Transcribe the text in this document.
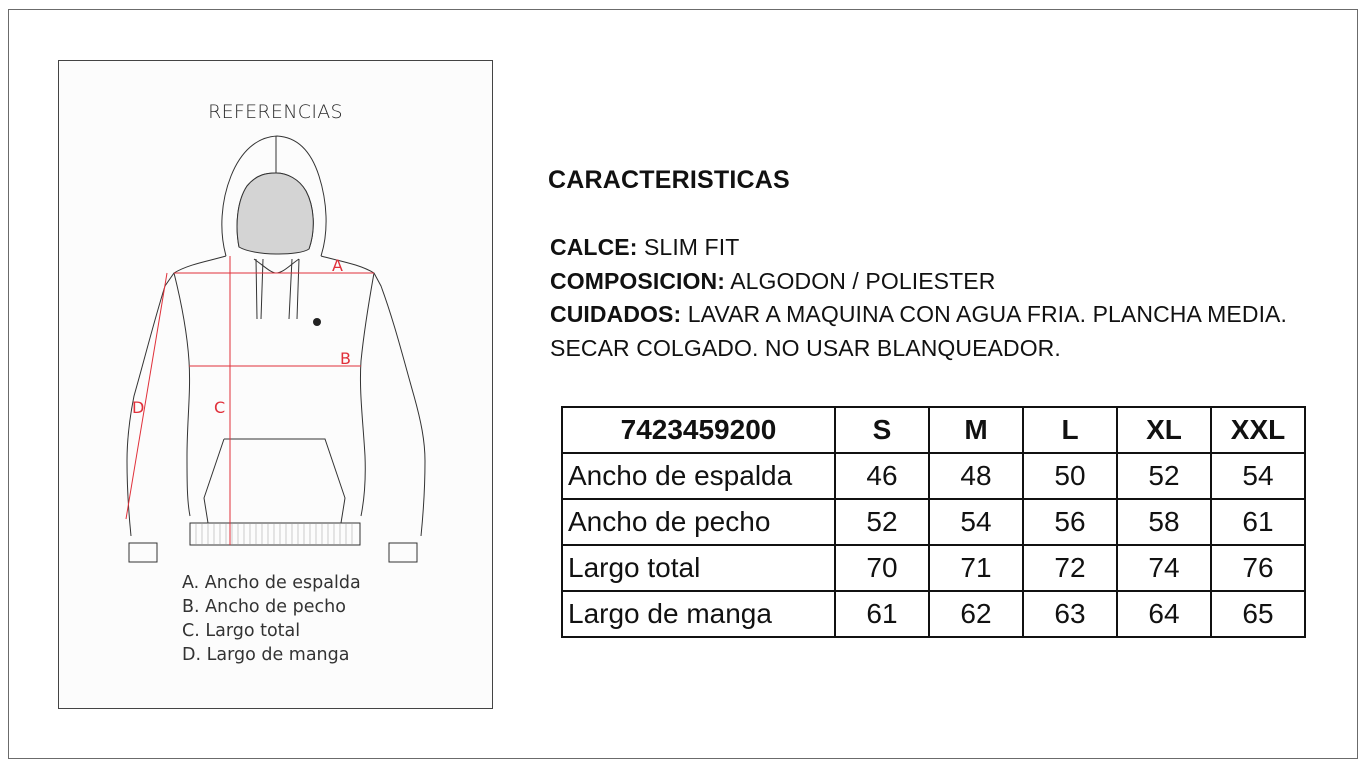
REFERENCIAS
A
B
C
D
A. Ancho de espalda
B. Ancho de pecho
C. Largo total
D. Largo de manga
CARACTERISTICAS
CALCE: SLIM FIT
COMPOSICION: ALGODON / POLIESTER
CUIDADOS: LAVAR A MAQUINA CON AGUA FRIA. PLANCHA MEDIA.
SECAR COLGADO. NO USAR BLANQUEADOR.
7423459200	S	M	L	XL	XXL
Ancho de espalda	46	48	50	52	54
Ancho de pecho	52	54	56	58	61
Largo total	70	71	72	74	76
Largo de manga	61	62	63	64	65
